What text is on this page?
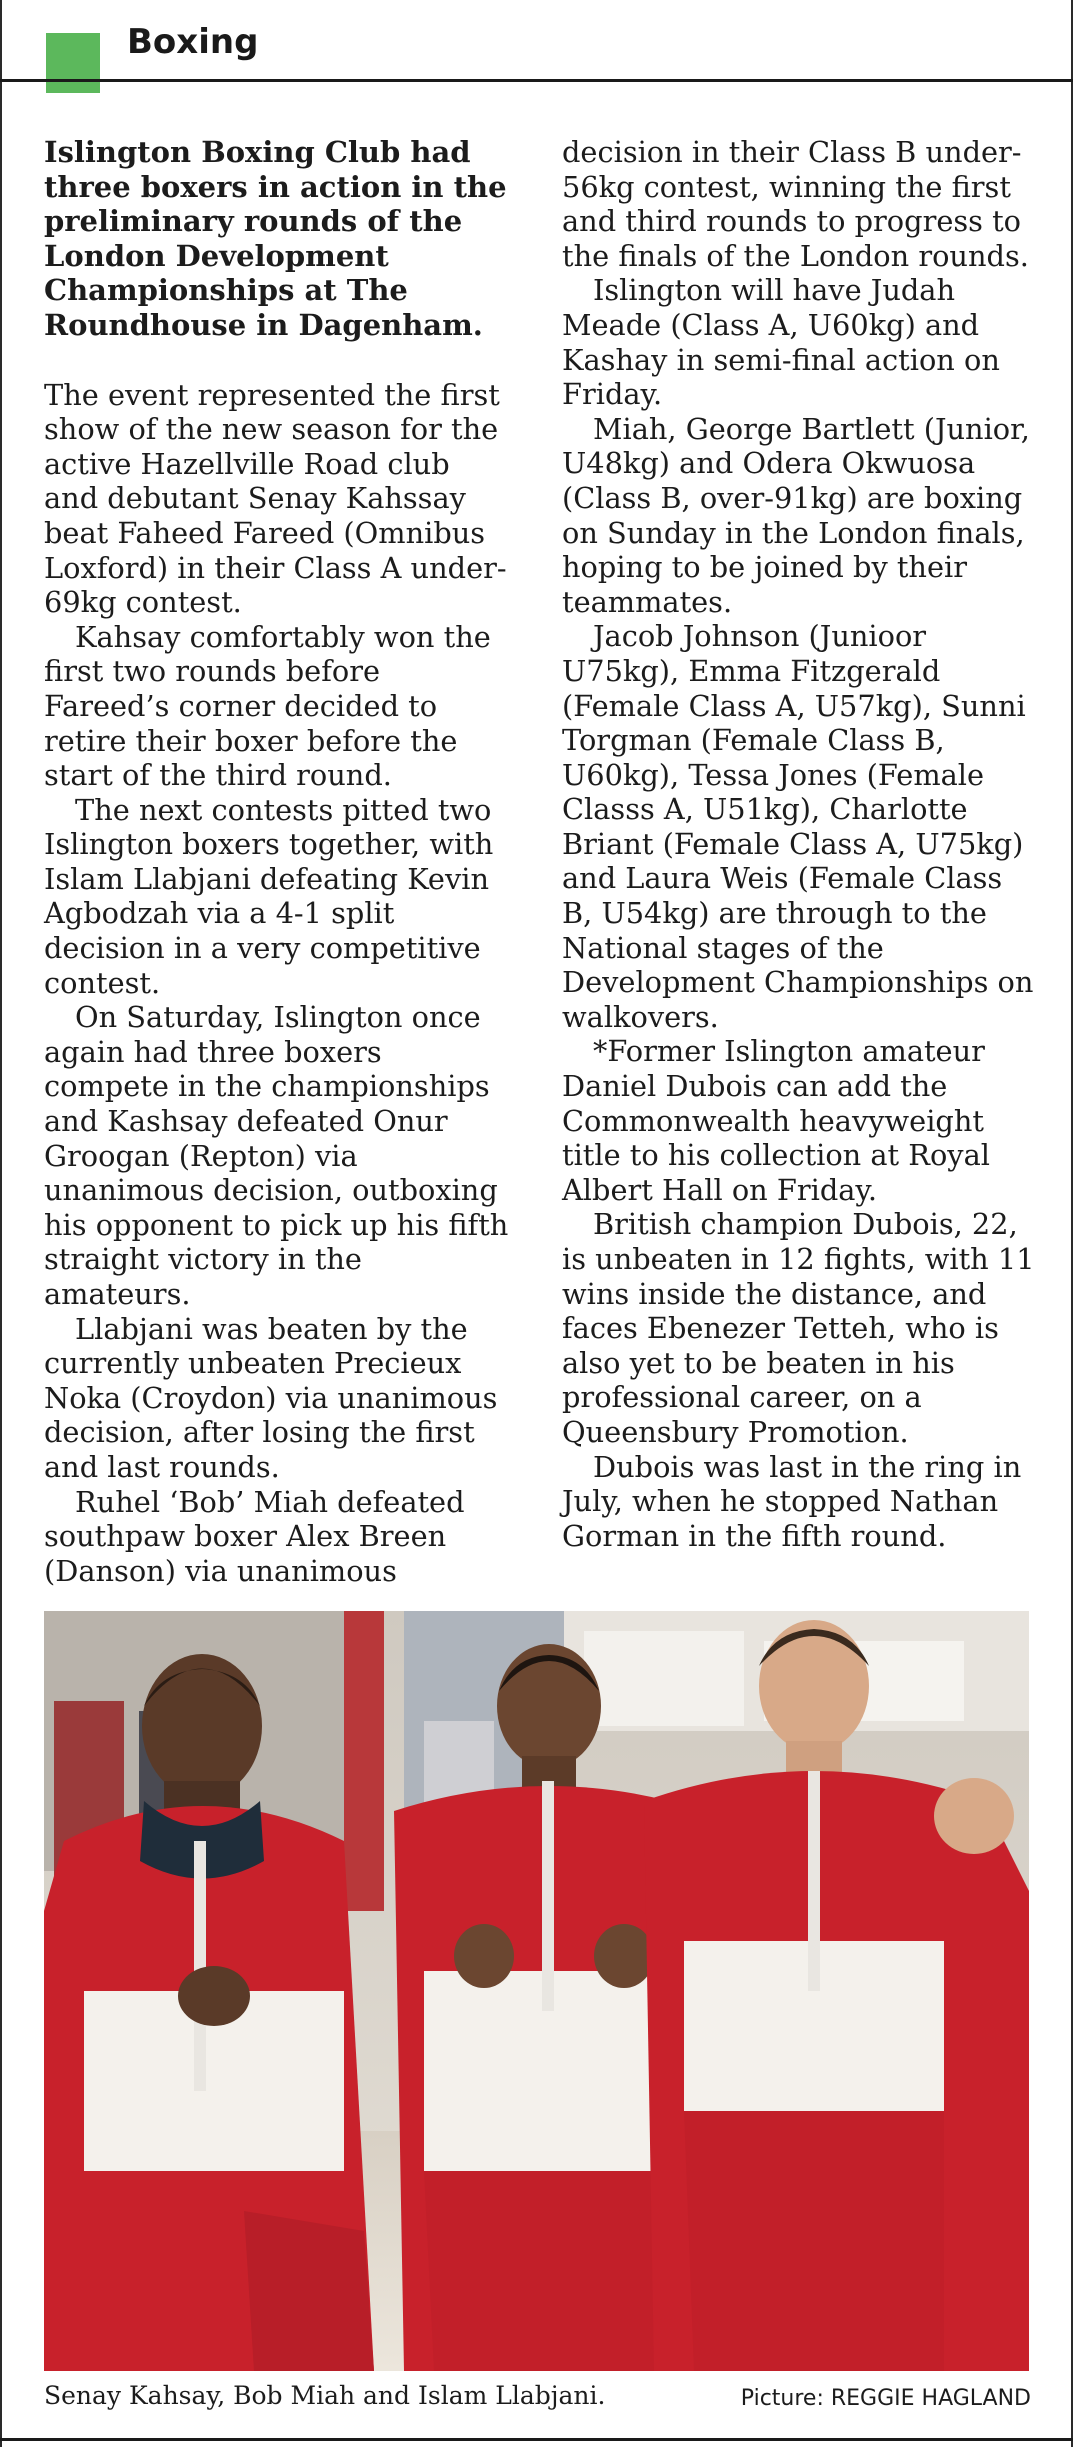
Boxing

Islington Boxing Club had three boxers in action in the preliminary rounds of the London Development Championships at The Roundhouse in Dagenham.

The event represented the first show of the new season for the active Hazellville Road club and debutant Senay Kahssay beat Faheed Fareed (Omnibus Loxford) in their Class A under-69kg contest.

Kahsay comfortably won the first two rounds before Fareed’s corner decided to retire their boxer before the start of the third round.

The next contests pitted two Islington boxers together, with Islam Llabjani defeating Kevin Agbodzah via a 4-1 split decision in a very competitive contest.

On Saturday, Islington once again had three boxers compete in the championships and Kashsay defeated Onur Groogan (Repton) via unanimous decision, outboxing his opponent to pick up his fifth straight victory in the amateurs.

Llabjani was beaten by the currently unbeaten Precieux Noka (Croydon) via unanimous decision, after losing the first and last rounds.

Ruhel ‘Bob’ Miah defeated southpaw boxer Alex Breen (Danson) via unanimous

decision in their Class B under-56kg contest, winning the first and third rounds to progress to the finals of the London rounds.

Islington will have Judah Meade (Class A, U60kg) and Kashay in semi-final action on Friday.

Miah, George Bartlett (Junior, U48kg) and Odera Okwuosa (Class B, over-91kg) are boxing on Sunday in the London finals, hoping to be joined by their teammates.

Jacob Johnson (Junioor U75kg), Emma Fitzgerald (Female Class A, U57kg), Sunni Torgman (Female Class B, U60kg), Tessa Jones (Female Classs A, U51kg), Charlotte Briant (Female Class A, U75kg) and Laura Weis (Female Class B, U54kg) are through to the National stages of the Development Championships on walkovers.

*Former Islington amateur Daniel Dubois can add the Commonwealth heavyweight title to his collection at Royal Albert Hall on Friday.

British champion Dubois, 22, is unbeaten in 12 fights, with 11 wins inside the distance, and faces Ebenezer Tetteh, who is also yet to be beaten in his professional career, on a Queensbury Promotion.

Dubois was last in the ring in July, when he stopped Nathan Gorman in the fifth round.

Senay Kahsay, Bob Miah and Islam Llabjani.	Picture: REGGIE HAGLAND
